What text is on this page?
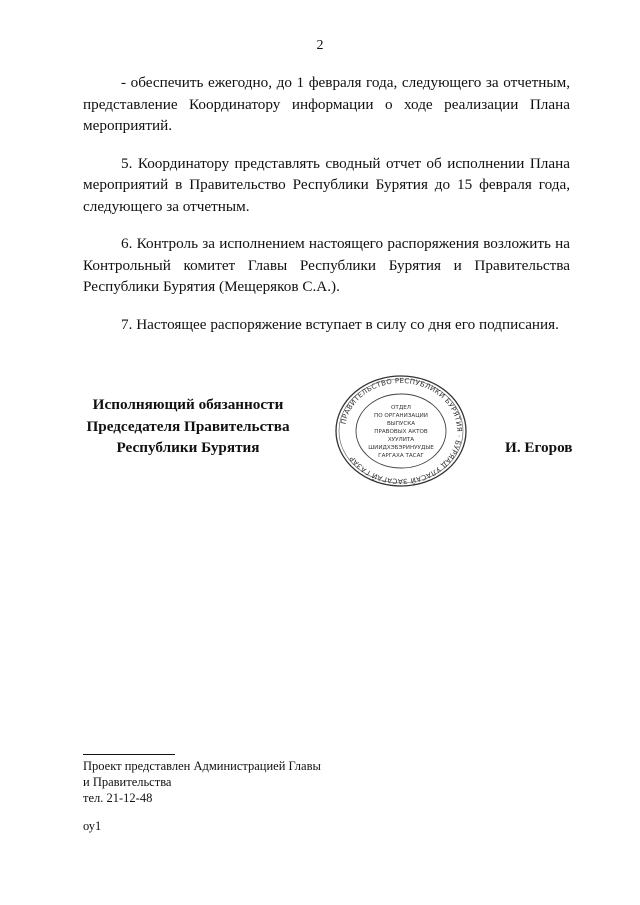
2

- обеспечить ежегодно, до 1 февраля года, следующего за отчетным, представление Координатору информации о ходе реализации Плана мероприятий.

5. Координатору представлять сводный отчет об исполнении Плана мероприятий в Правительство Республики Бурятия до 15 февраля года, следующего за отчетным.

6. Контроль за исполнением настоящего распоряжения возложить на Контрольный комитет Главы Республики Бурятия и Правительства Республики Бурятия (Мещеряков С.А.).

7. Настоящее распоряжение вступает в силу со дня его подписания.

Исполняющий обязанности
Председателя Правительства
Республики Бурятия
ПРАВИТЕЛЬСТВО РЕСПУБЛИКИ БУРЯТИЯ · БУРЯАД УЛАСАЙ ЗАСАГАЙ ГАЗАР
ОТДЕЛ
ПО ОРГАНИЗАЦИИ
ВЫПУСКА
ПРАВОВЫХ АКТОВ
ХУУЛИТА
ШИИДХЭБЭРИНУУДЫЕ
ГАРГАХА ТАСАГ	И. Егоров
Проект представлен Администрацией Главы
и Правительства
тел. 21-12-48
оу1
